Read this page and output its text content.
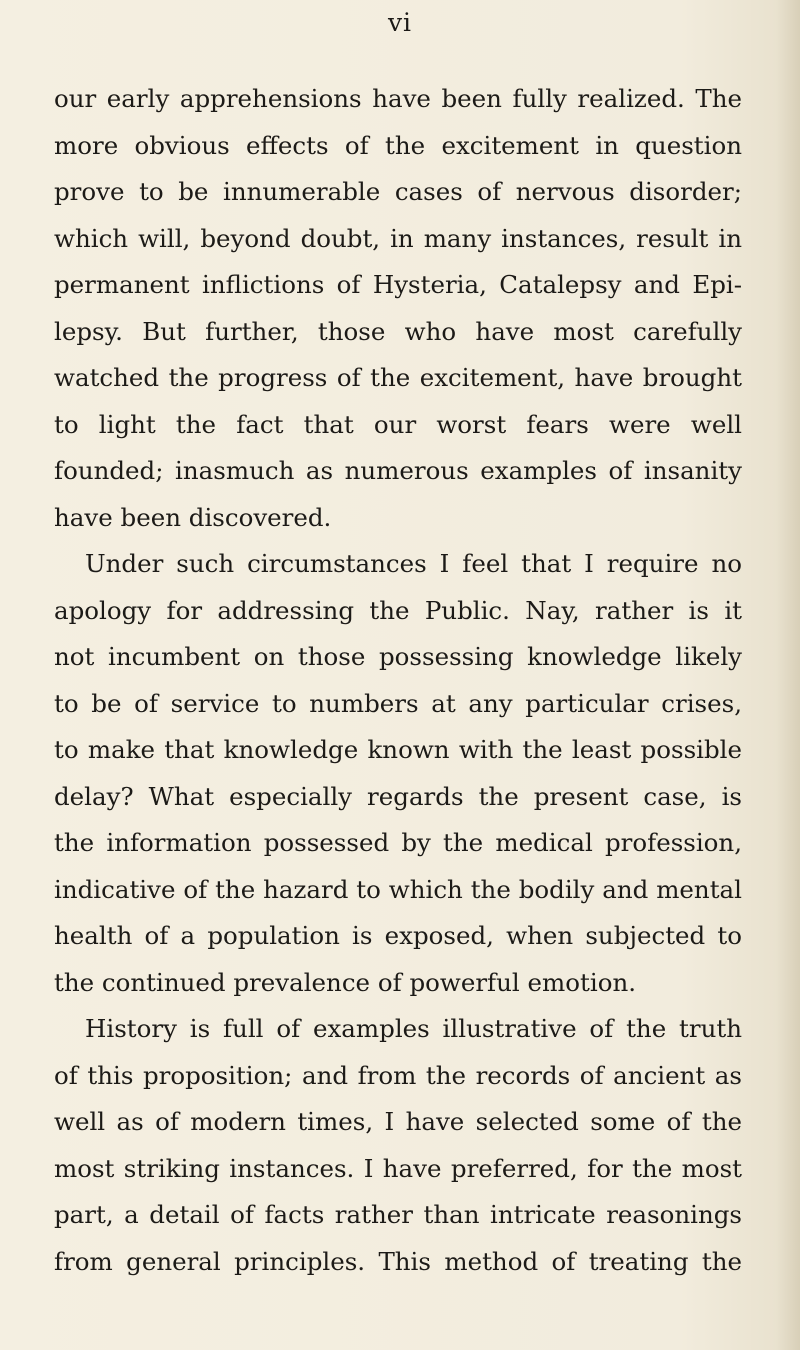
vi
our early apprehensions have been fully realized. The
more obvious effects of the excitement in question
prove to be innumerable cases of nervous disorder;
which will, beyond doubt, in many instances, result in
permanent inflictions of Hysteria, Catalepsy and Epi-
lepsy. But further, those who have most carefully
watched the progress of the excitement, have brought
to light the fact that our worst fears were well
founded; inasmuch as numerous examples of insanity
have been discovered.
Under such circumstances I feel that I require no
apology for addressing the Public. Nay, rather is it
not incumbent on those possessing knowledge likely
to be of service to numbers at any particular crises,
to make that knowledge known with the least possible
delay? What especially regards the present case, is
the information possessed by the medical profession,
indicative of the hazard to which the bodily and mental
health of a population is exposed, when subjected to
the continued prevalence of powerful emotion.
History is full of examples illustrative of the truth
of this proposition; and from the records of ancient as
well as of modern times, I have selected some of the
most striking instances. I have preferred, for the most
part, a detail of facts rather than intricate reasonings
from general principles. This method of treating the
